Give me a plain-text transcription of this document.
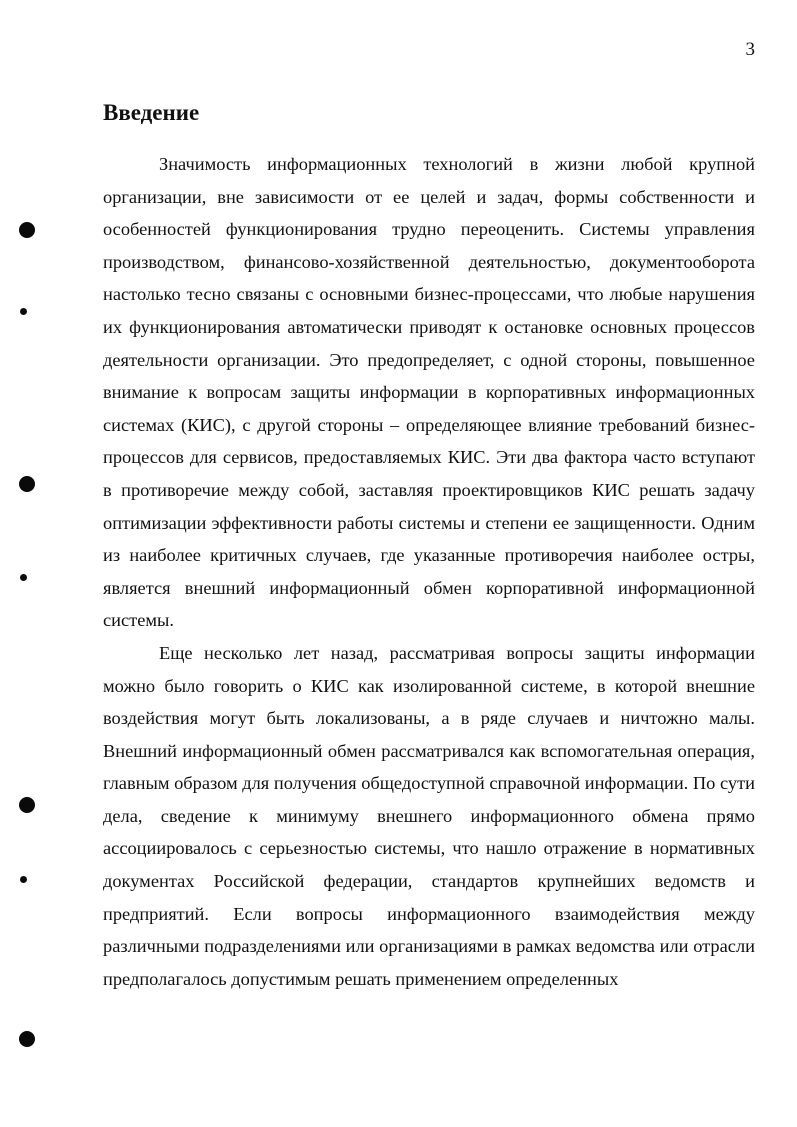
3
Введение

Значимость информационных технологий в жизни любой крупной организации, вне зависимости от ее целей и задач, формы собственности и особенностей функционирования трудно переоценить. Системы управления производством, финансово-хозяйственной деятельностью, документооборота настолько тесно связаны с основными бизнес-процессами, что любые нарушения их функционирования автоматически приводят к остановке основных процессов деятельности организации. Это предопределяет, с одной стороны, повышенное внимание к вопросам защиты информации в корпоративных информационных системах (КИС), с другой стороны – определяющее влияние требований бизнес-процессов для сервисов, предоставляемых КИС. Эти два фактора часто вступают в противоречие между собой, заставляя проектировщиков КИС решать задачу оптимизации эффективности работы системы и степени ее защищенности. Одним из наиболее критичных случаев, где указанные противоречия наиболее остры, является внешний информационный обмен корпоративной информационной системы.

Еще несколько лет назад, рассматривая вопросы защиты информации можно было говорить о КИС как изолированной системе, в которой внешние воздействия могут быть локализованы, а в ряде случаев и ничтожно малы. Внешний информационный обмен рассматривался как вспомогательная операция, главным образом для получения общедоступной справочной информации. По сути дела, сведение к минимуму внешнего информационного обмена прямо ассоциировалось с серьезностью системы, что нашло отражение в нормативных документах Российской федерации, стандартов крупнейших ведомств и предприятий. Если вопросы информационного взаимодействия между различными подразделениями или организациями в рамках ведомства или отрасли предполагалось допустимым решать применением определенных
